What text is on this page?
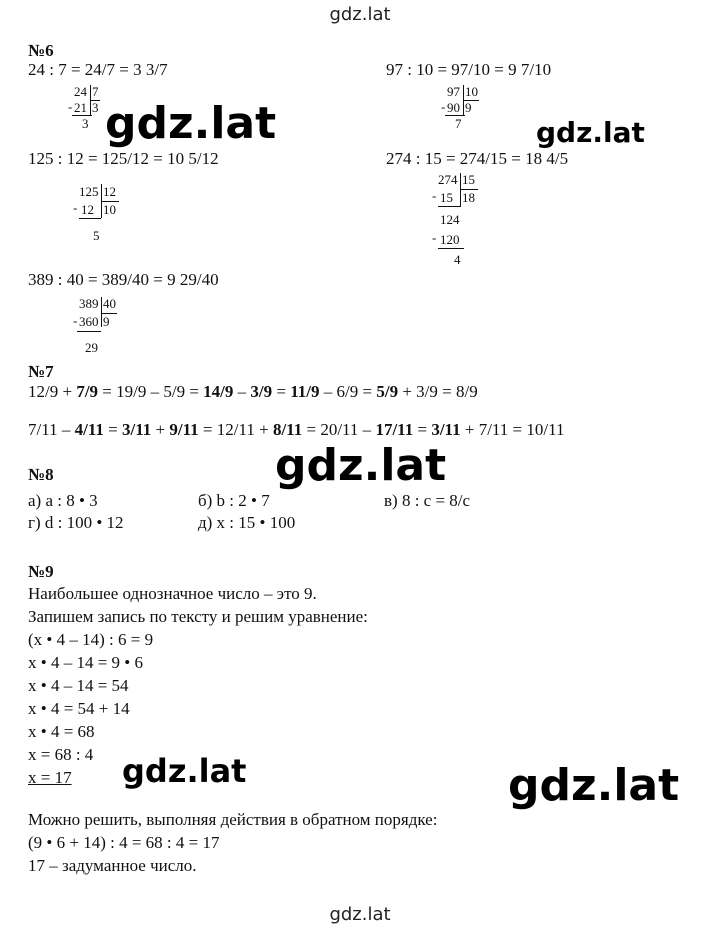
gdz.lat
gdz.lat
№6
24 : 7 = 24/7 = 3 3/7	97 : 10 = 97/10 = 9 7/10
24 7
- 21 3
3
97 10
- 90 9
7
125 : 12 = 125/12 = 10 5/12	274 : 15 = 274/15 = 18 4/5
125 12
- 12 10
5
274 15
- 15 18
124
- 120
4
389 : 40 = 389/40 = 9 29/40
389 40
- 360 9
29
№7
12/9 + 7/9 = 19/9 – 5/9 = 14/9 – 3/9 = 11/9 – 6/9 = 5/9 + 3/9 = 8/9
7/11 – 4/11 = 3/11 + 9/11 = 12/11 + 8/11 = 20/11 – 17/11 = 3/11 + 7/11 = 10/11
№8
а) a : 8 • 3	б) b : 2 • 7	в) 8 : c = 8/c
г) d : 100 • 12	д) x : 15 • 100
№9
Наибольшее однозначное число – это 9.
Запишем запись по тексту и решим уравнение:
(x • 4 – 14) : 6 = 9
x • 4 – 14 = 9 • 6
x • 4 – 14 = 54
x • 4 = 54 + 14
x • 4 = 68
x = 68 : 4
x = 17
Можно решить, выполняя действия в обратном порядке:
(9 • 6 + 14) : 4 = 68 : 4 = 17
17 – задуманное число.
gdz.lat	gdz.lat
gdz.lat
gdz.lat	gdz.lat
